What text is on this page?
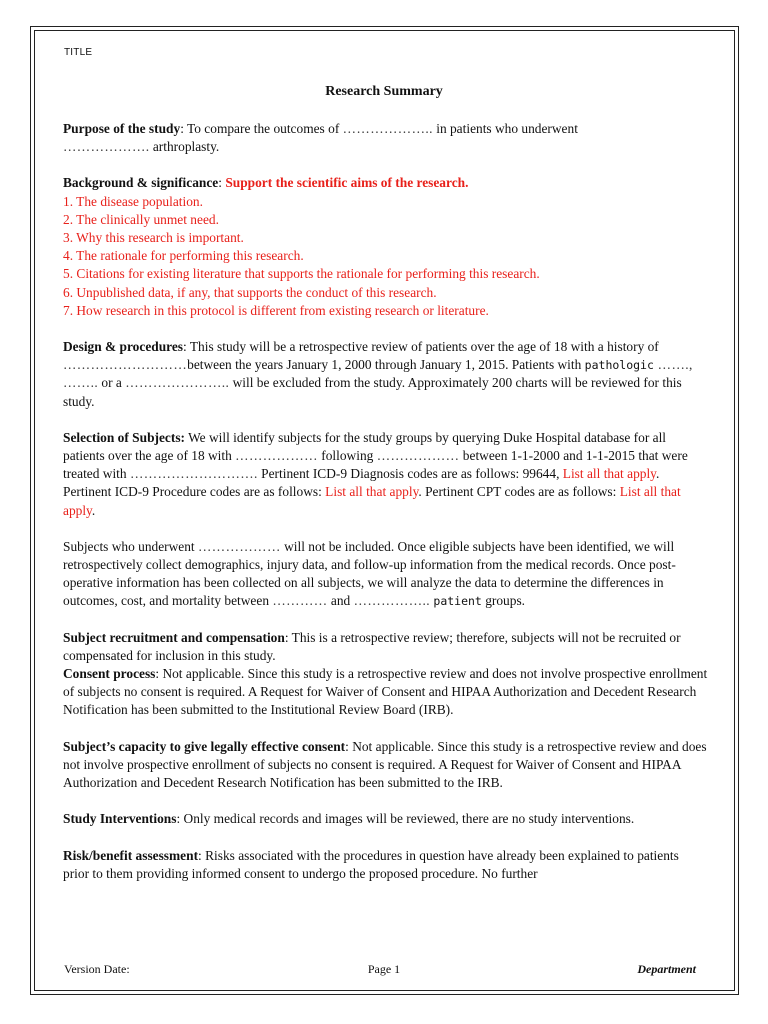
TITLE
Research Summary

Purpose of the study: To compare the outcomes of ……………….. in patients who underwent
………………. arthroplasty.

Background & significance: Support the scientific aims of the research.

1. The disease population.
2. The clinically unmet need.
3. Why this research is important.
4. The rationale for performing this research.
5. Citations for existing literature that supports the rationale for performing this research.
6. Unpublished data, if any, that supports the conduct of this research.
7. How research in this protocol is different from existing research or literature.

Design & procedures: This study will be a retrospective review of patients over the age of 18 with a history of ………………………between the years January 1, 2000 through January 1, 2015. Patients with pathologic ……., …….. or a ………………….. will be excluded from the study. Approximately 200 charts will be reviewed for this study.

Selection of Subjects: We will identify subjects for the study groups by querying Duke Hospital database for all patients over the age of 18 with ……………… following ……………… between 1-1-2000 and 1-1-2015 that were treated with ………………………. Pertinent ICD-9 Diagnosis codes are as follows: 99644, List all that apply. Pertinent ICD-9 Procedure codes are as follows: List all that apply. Pertinent CPT codes are as follows: List all that apply.

Subjects who underwent ……………… will not be included. Once eligible subjects have been identified, we will retrospectively collect demographics, injury data, and follow-up information from the medical records. Once post-operative information has been collected on all subjects, we will analyze the data to determine the differences in outcomes, cost, and mortality between ………… and …………….. patient groups.

Subject recruitment and compensation: This is a retrospective review; therefore, subjects will not be recruited or compensated for inclusion in this study.

Consent process: Not applicable. Since this study is a retrospective review and does not involve prospective enrollment of subjects no consent is required. A Request for Waiver of Consent and HIPAA Authorization and Decedent Research Notification has been submitted to the Institutional Review Board (IRB).

Subject’s capacity to give legally effective consent: Not applicable. Since this study is a retrospective review and does not involve prospective enrollment of subjects no consent is required. A Request for Waiver of Consent and HIPAA Authorization and Decedent Research Notification has been submitted to the IRB.

Study Interventions: Only medical records and images will be reviewed, there are no study interventions.

Risk/benefit assessment: Risks associated with the procedures in question have already been explained to patients prior to them providing informed consent to undergo the proposed procedure. No further

Version Date:	Page 1	Department
